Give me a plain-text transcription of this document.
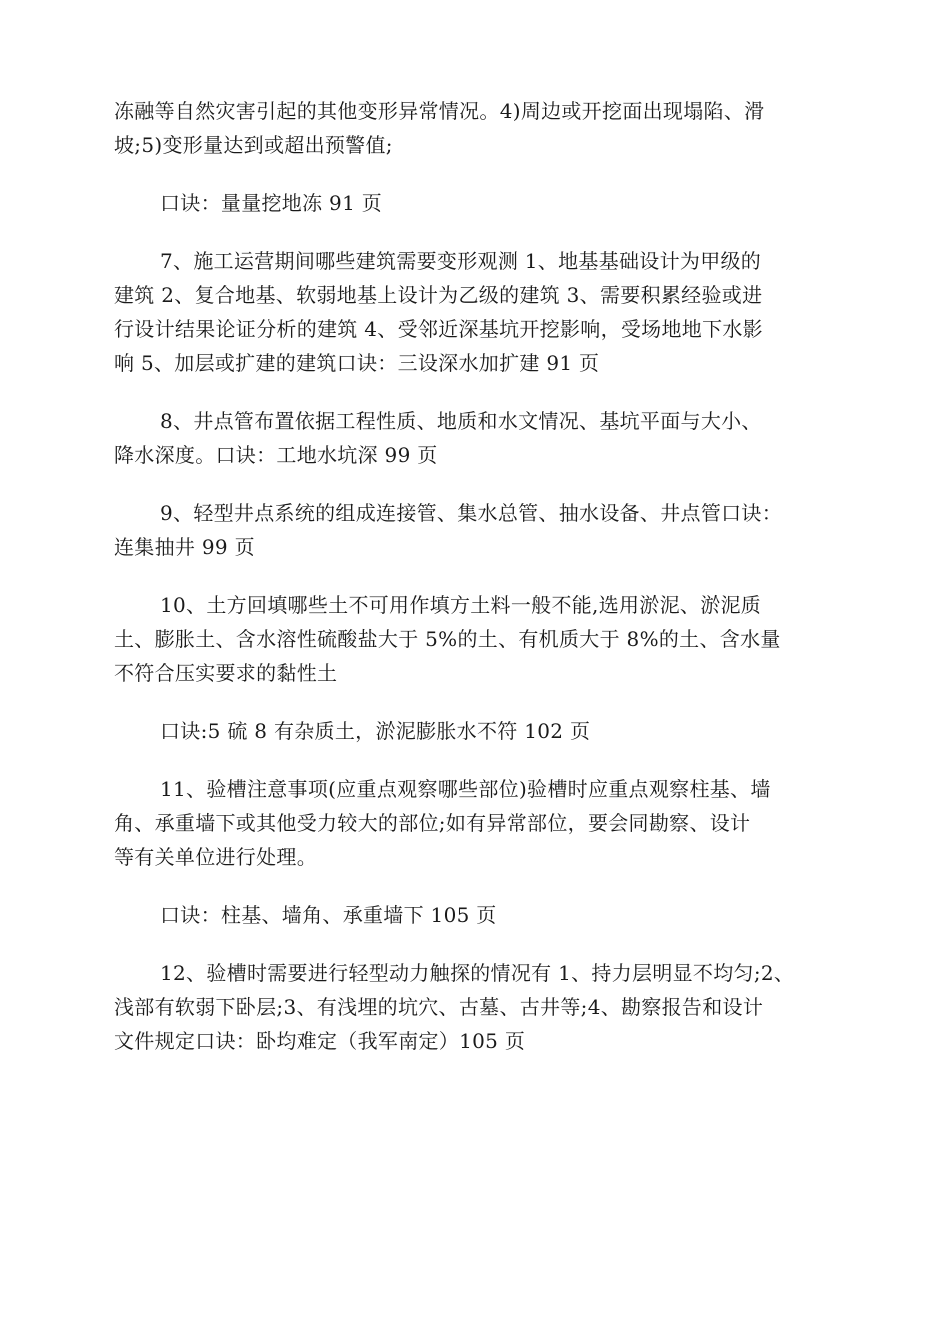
冻融等自然灾害引起的其他变形异常情况。4)周边或开挖面出现塌陷、滑
坡;5)变形量达到或超出预警值;
口诀：量量挖地冻 91 页
7、施工运营期间哪些建筑需要变形观测 1、地基基础设计为甲级的
建筑 2、复合地基、软弱地基上设计为乙级的建筑 3、需要积累经验或进
行设计结果论证分析的建筑 4、受邻近深基坑开挖影响，受场地地下水影
响 5、加层或扩建的建筑口诀：三设深水加扩建 91 页
8、井点管布置依据工程性质、地质和水文情况、基坑平面与大小、
降水深度。口诀：工地水坑深 99 页
9、轻型井点系统的组成连接管、集水总管、抽水设备、井点管口诀：
连集抽井 99 页
10、土方回填哪些土不可用作填方土料一般不能,选用淤泥、淤泥质
土、膨胀土、含水溶性硫酸盐大于 5%的土、有机质大于 8%的土、含水量
不符合压实要求的黏性土
口诀:5 硫 8 有杂质土，淤泥膨胀水不符 102 页
11、验槽注意事项(应重点观察哪些部位)验槽时应重点观察柱基、墙
角、承重墙下或其他受力较大的部位;如有异常部位，要会同勘察、设计
等有关单位进行处理。
口诀：柱基、墙角、承重墙下 105 页
12、验槽时需要进行轻型动力触探的情况有 1、持力层明显不均匀;2、
浅部有软弱下卧层;3、有浅埋的坑穴、古墓、古井等;4、勘察报告和设计
文件规定口诀：卧均难定（我军南定）105 页
